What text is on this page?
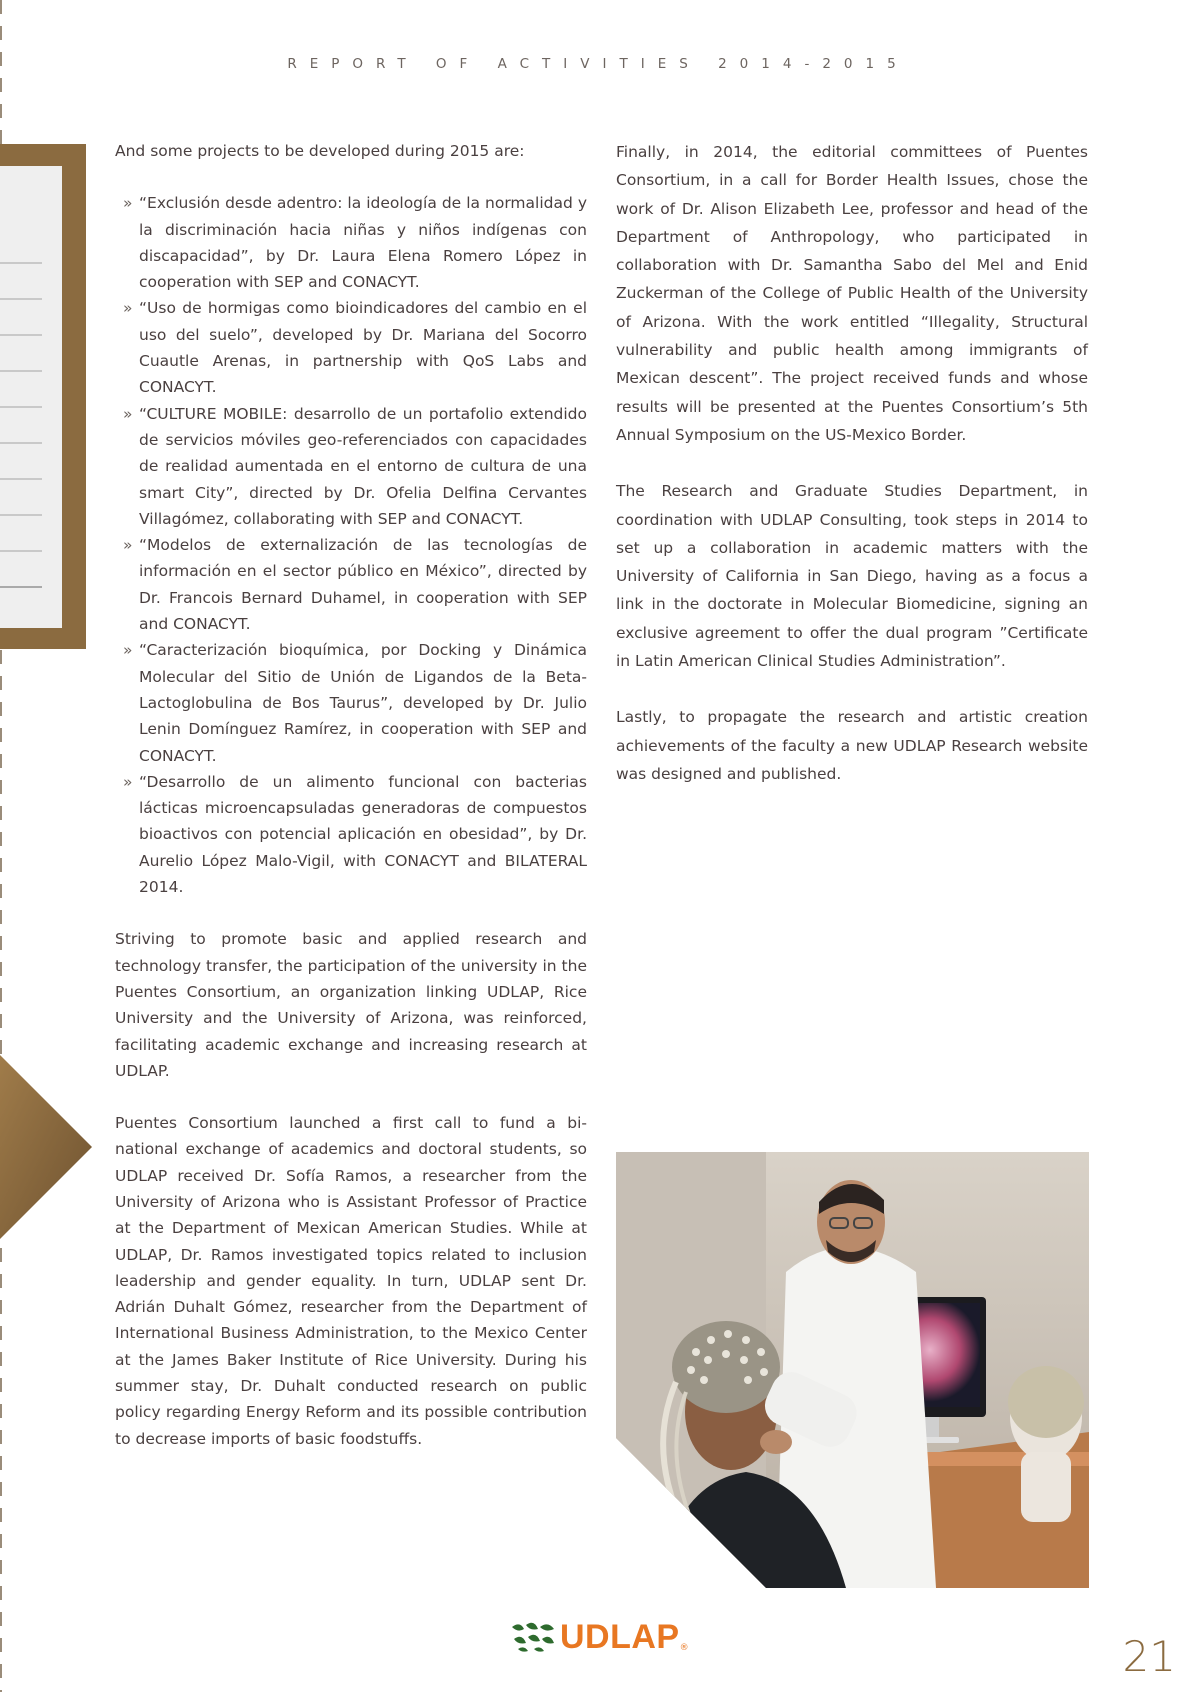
REPORT OF ACTIVITIES 2014-2015

And some projects to be developed during 2015 are:

» “Exclusión desde adentro: la ideología de la normalidad y la discriminación hacia niñas y niños indígenas con discapacidad”, by Dr. Laura Elena Romero López in cooperation with SEP and CONACYT.
» “Uso de hormigas como bioindicadores del cambio en el uso del suelo”, developed by Dr. Mariana del Socorro Cuautle Arenas, in partnership with QoS Labs and CONACYT.
» “CULTURE MOBILE: desarrollo de un portafolio extendido de servicios móviles geo-referenciados con capacidades de realidad aumentada en el entorno de cultura de una smart City”, directed by Dr. Ofelia Delfina Cervantes Villagómez, collaborating with SEP and CONACYT.
» “Modelos de externalización de las tecnologías de información en el sector público en México”, directed by Dr. Francois Bernard Duhamel, in cooperation with SEP and CONACYT.
» “Caracterización bioquímica, por Docking y Dinámica Molecular del Sitio de Unión de Ligandos de la Beta-Lactoglobulina de Bos Taurus”, developed by Dr. Julio Lenin Domínguez Ramírez, in cooperation with SEP and CONACYT.
» “Desarrollo de un alimento funcional con bacterias lácticas microencapsuladas generadoras de compuestos bioactivos con potencial aplicación en obesidad”, by Dr. Aurelio López Malo-Vigil, with CONACYT and BILATERAL 2014.

Striving to promote basic and applied research and technology transfer, the participation of the university in the Puentes Consortium, an organization linking UDLAP, Rice University and the University of Arizona, was reinforced, facilitating academic exchange and increasing research at UDLAP.

Puentes Consortium launched a first call to fund a bi-national exchange of academics and doctoral students, so UDLAP received Dr. Sofía Ramos, a researcher from the University of Arizona who is Assistant Professor of Practice at the Department of Mexican American Studies. While at UDLAP, Dr. Ramos investigated topics related to inclusion leadership and gender equality. In turn, UDLAP sent Dr. Adrián Duhalt Gómez, researcher from the Department of International Business Administration, to the Mexico Center at the James Baker Institute of Rice University. During his summer stay, Dr. Duhalt conducted research on public policy regarding Energy Reform and its possible contribution to decrease imports of basic foodstuffs.

Finally, in 2014, the editorial committees of Puentes Consortium, in a call for Border Health Issues, chose the work of Dr. Alison Elizabeth Lee, professor and head of the Department of Anthropology, who participated in collaboration with Dr. Samantha Sabo del Mel and Enid Zuckerman of the College of Public Health of the University of Arizona. With the work entitled “Illegality, Structural vulnerability and public health among immigrants of Mexican descent”. The project received funds and whose results will be presented at the Puentes Consortium’s 5th Annual Symposium on the US-Mexico Border.

The Research and Graduate Studies Department, in coordination with UDLAP Consulting, took steps in 2014 to set up a collaboration in academic matters with the University of California in San Diego, having as a focus a link in the doctorate in Molecular Biomedicine, signing an exclusive agreement to offer the dual program ”Certificate in Latin American Clinical Studies Administration”.

Lastly, to propagate the research and artistic creation achievements of the faculty a new UDLAP Research website was designed and published.

UDLAP ®	21
